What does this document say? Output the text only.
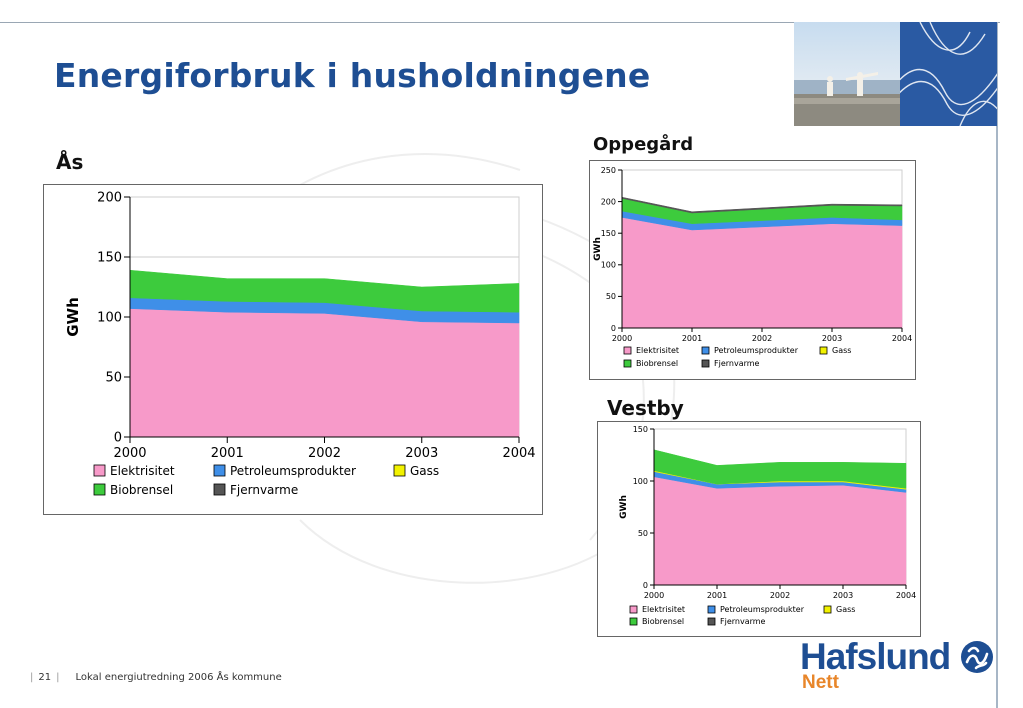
Energiforbruk i husholdningene
Ås
Oppegård
Vestby
0
50
100
150
200
2000	2001	2002	2003	2004
GWh
Elektrisitet	Petroleumsprodukter	Gass
Biobrensel	Fjernvarme
0
50
100
150
200
250
2000	2001	2002	2003	2004
GWh
Elektrisitet	Petroleumsprodukter	Gass
Biobrensel	Fjernvarme
0
50
100
150
2000	2001	2002	2003	2004
GWh
Elektrisitet	Petroleumsprodukter	Gass
Biobrensel	Fjernvarme
| 21 | Lokal energiutredning 2006 Ås kommune
Hafslund
Nett
